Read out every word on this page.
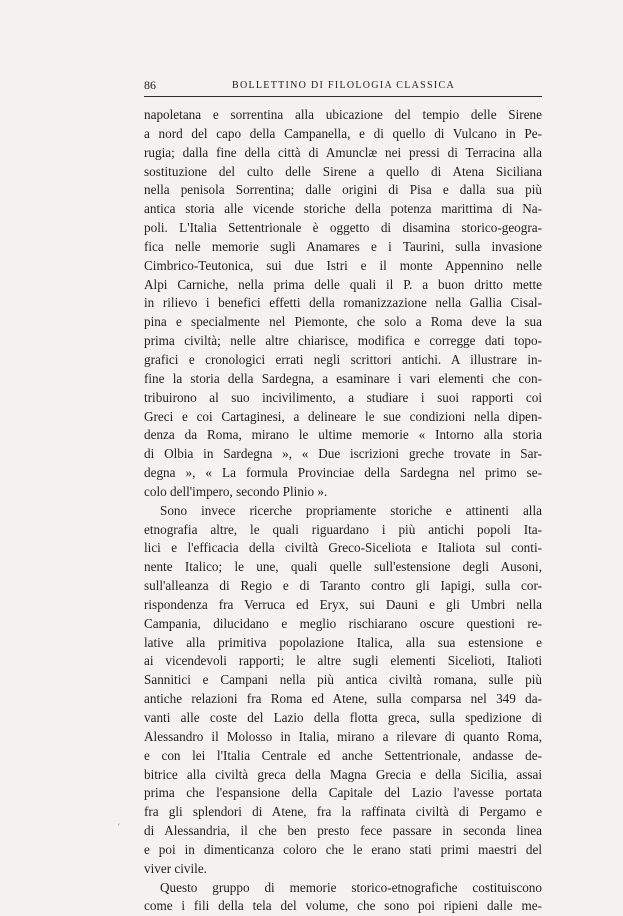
86	BOLLETTINO DI FILOLOGIA CLASSICA
napoletana e sorrentina alla ubicazione del tempio delle Sirene
a nord del capo della Campanella, e di quello di Vulcano in Pe-
rugia; dalla fine della città di Amunclæ nei pressi di Terracina alla
sostituzione del culto delle Sirene a quello di Atena Siciliana
nella penisola Sorrentina; dalle origini di Pisa e dalla sua più
antica storia alle vicende storiche della potenza marittima di Na-
poli. L'Italia Settentrionale è oggetto di disamina storico-geogra-
fica nelle memorie sugli Anamares e i Taurini, sulla invasione
Cimbrico-Teutonica, sui due Istri e il monte Appennino nelle
Alpi Carniche, nella prima delle quali il P. a buon dritto mette
in rilievo i benefici effetti della romanizzazione nella Gallia Cisal-
pina e specialmente nel Piemonte, che solo a Roma deve la sua
prima civiltà; nelle altre chiarisce, modifica e corregge dati topo-
grafici e cronologici errati negli scrittori antichi. A illustrare in-
fine la storia della Sardegna, a esaminare i vari elementi che con-
tribuirono al suo incivilimento, a studiare i suoi rapporti coi
Greci e coi Cartaginesi, a delineare le sue condizioni nella dipen-
denza da Roma, mirano le ultime memorie « Intorno alla storia
di Olbia in Sardegna », « Due iscrizioni greche trovate in Sar-
degna », « La formula Provinciae della Sardegna nel primo se-
colo dell'impero, secondo Plinio ».
Sono invece ricerche propriamente storiche e attinenti alla
etnografia altre, le quali riguardano i più antichi popoli Ita-
lici e l'efficacia della civiltà Greco-Siceliota e Italiota sul conti-
nente Italico; le une, quali quelle sull'estensione degli Ausoni,
sull'alleanza di Regio e di Taranto contro gli Iapigi, sulla cor-
rispondenza fra Verruca ed Eryx, sui Dauni e gli Umbri nella
Campania, dilucidano e meglio rischiarano oscure questioni re-
lative alla primitiva popolazione Italica, alla sua estensione e
ai vicendevoli rapporti; le altre sugli elementi Sicelioti, Italioti
Sannitici e Campani nella più antica civiltà romana, sulle più
antiche relazioni fra Roma ed Atene, sulla comparsa nel 349 da-
vanti alle coste del Lazio della flotta greca, sulla spedizione di
Alessandro il Molosso in Italia, mirano a rilevare di quanto Roma,
e con lei l'Italia Centrale ed anche Settentrionale, andasse de-
bitrice alla civiltà greca della Magna Grecia e della Sicilia, assai
prima che l'espansione della Capitale del Lazio l'avesse portata
fra gli splendori di Atene, fra la raffinata civiltà di Pergamo e
di Alessandria, il che ben presto fece passare in seconda linea
e poi in dimenticanza coloro che le erano stati primi maestri del
viver civile.
Questo gruppo di memorie storico-etnografiche costituiscono
come i fili della tela del volume, che sono poi ripieni dalle me-
′
